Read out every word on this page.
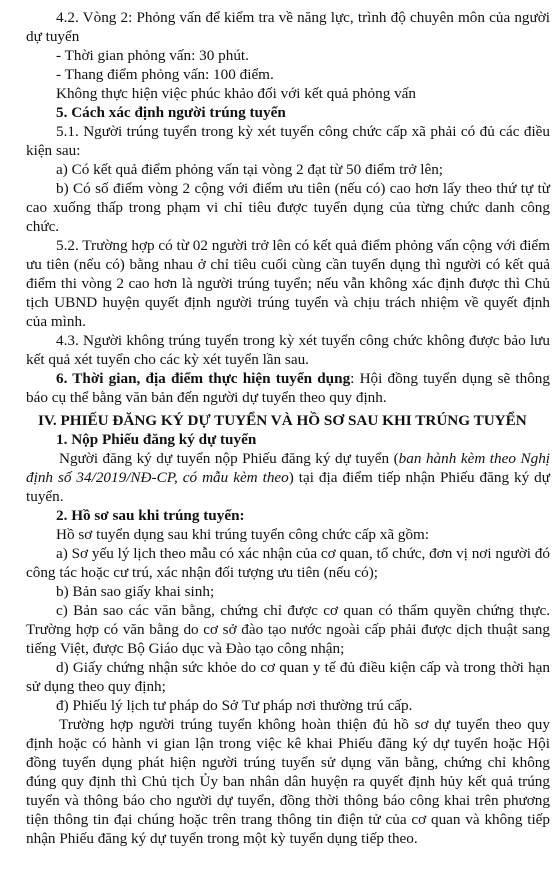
4.2. Vòng 2: Phỏng vấn để kiểm tra về năng lực, trình độ chuyên môn của người dự tuyển

- Thời gian phỏng vấn: 30 phút.

- Thang điểm phỏng vấn: 100 điểm.

Không thực hiện việc phúc khảo đối với kết quả phỏng vấn

5. Cách xác định người trúng tuyển

5.1. Người trúng tuyển trong kỳ xét tuyển công chức cấp xã phải có đủ các điều kiện sau:

a) Có kết quả điểm phỏng vấn tại vòng 2 đạt từ 50 điểm trở lên;

b) Có số điểm vòng 2 cộng với điểm ưu tiên (nếu có) cao hơn lấy theo thứ tự từ cao xuống thấp trong phạm vi chỉ tiêu được tuyển dụng của từng chức danh công chức.

5.2. Trường hợp có từ 02 người trở lên có kết quả điểm phỏng vấn cộng với điểm ưu tiên (nếu có) bằng nhau ở chỉ tiêu cuối cùng cần tuyển dụng thì người có kết quả điểm thi vòng 2 cao hơn là người trúng tuyển; nếu vẫn không xác định được thì Chủ tịch UBND huyện quyết định người trúng tuyển và chịu trách nhiệm về quyết định của mình.

4.3. Người không trúng tuyển trong kỳ xét tuyển công chức không được bảo lưu kết quả xét tuyển cho các kỳ xét tuyển lần sau.

6. Thời gian, địa điểm thực hiện tuyển dụng: Hội đồng tuyển dụng sẽ thông báo cụ thể bằng văn bản đến người dự tuyển theo quy định.

IV. PHIẾU ĐĂNG KÝ DỰ TUYỂN VÀ HỒ SƠ SAU KHI TRÚNG TUYỂN

1. Nộp Phiếu đăng ký dự tuyển

Người đăng ký dự tuyển nộp Phiếu đăng ký dự tuyển (ban hành kèm theo Nghị định số 34/2019/NĐ-CP, có mẫu kèm theo) tại địa điểm tiếp nhận Phiếu đăng ký dự tuyển.

2. Hồ sơ sau khi trúng tuyển:

Hồ sơ tuyển dụng sau khi trúng tuyển công chức cấp xã gồm:

a) Sơ yếu lý lịch theo mẫu có xác nhận của cơ quan, tổ chức, đơn vị nơi người đó công tác hoặc cư trú, xác nhận đối tượng ưu tiên (nếu có);

b) Bản sao giấy khai sinh;

c) Bản sao các văn bằng, chứng chỉ được cơ quan có thẩm quyền chứng thực. Trường hợp có văn bằng do cơ sở đào tạo nước ngoài cấp phải được dịch thuật sang tiếng Việt, được Bộ Giáo dục và Đào tạo công nhận;

d) Giấy chứng nhận sức khỏe do cơ quan y tế đủ điều kiện cấp và trong thời hạn sử dụng theo quy định;

đ) Phiếu lý lịch tư pháp do Sở Tư pháp nơi thường trú cấp.

Trường hợp người trúng tuyển không hoàn thiện đủ hồ sơ dự tuyển theo quy định hoặc có hành vi gian lận trong việc kê khai Phiếu đăng ký dự tuyển hoặc Hội đồng tuyển dụng phát hiện người trúng tuyển sử dụng văn bằng, chứng chỉ không đúng quy định thì Chủ tịch Ủy ban nhân dân huyện ra quyết định hủy kết quả trúng tuyển và thông báo cho người dự tuyển, đồng thời thông báo công khai trên phương tiện thông tin đại chúng hoặc trên trang thông tin điện tử của cơ quan và không tiếp nhận Phiếu đăng ký dự tuyển trong một kỳ tuyển dụng tiếp theo.
